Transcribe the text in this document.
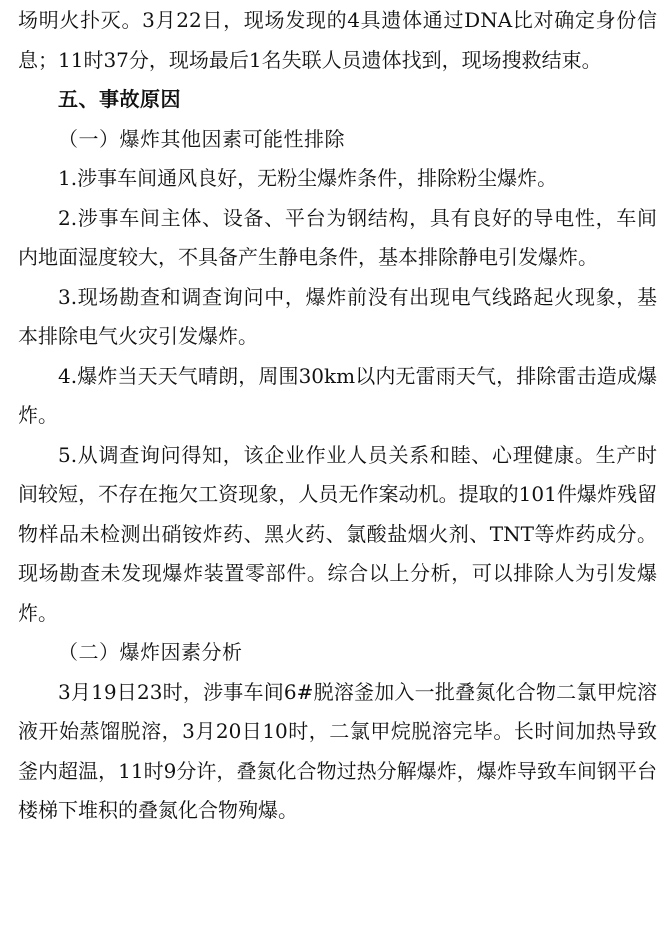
场明火扑灭。3月22日，现场发现的4具遗体通过DNA比对确定身份信息；11时37分，现场最后1名失联人员遗体找到，现场搜救结束。

五、事故原因

（一）爆炸其他因素可能性排除

1.涉事车间通风良好，无粉尘爆炸条件，排除粉尘爆炸。

2.涉事车间主体、设备、平台为钢结构，具有良好的导电性，车间内地面湿度较大，不具备产生静电条件，基本排除静电引发爆炸。

3.现场勘查和调查询问中，爆炸前没有出现电气线路起火现象，基本排除电气火灾引发爆炸。

4.爆炸当天天气晴朗，周围30km以内无雷雨天气，排除雷击造成爆炸。

5.从调查询问得知，该企业作业人员关系和睦、心理健康。生产时间较短，不存在拖欠工资现象，人员无作案动机。提取的101件爆炸残留物样品未检测出硝铵炸药、黑火药、氯酸盐烟火剂、TNT等炸药成分。现场勘查未发现爆炸装置零部件。综合以上分析，可以排除人为引发爆炸。

（二）爆炸因素分析

3月19日23时，涉事车间6#脱溶釜加入一批叠氮化合物二氯甲烷溶液开始蒸馏脱溶，3月20日10时，二氯甲烷脱溶完毕。长时间加热导致釜内超温，11时9分许，叠氮化合物过热分解爆炸，爆炸导致车间钢平台楼梯下堆积的叠氮化合物殉爆。
